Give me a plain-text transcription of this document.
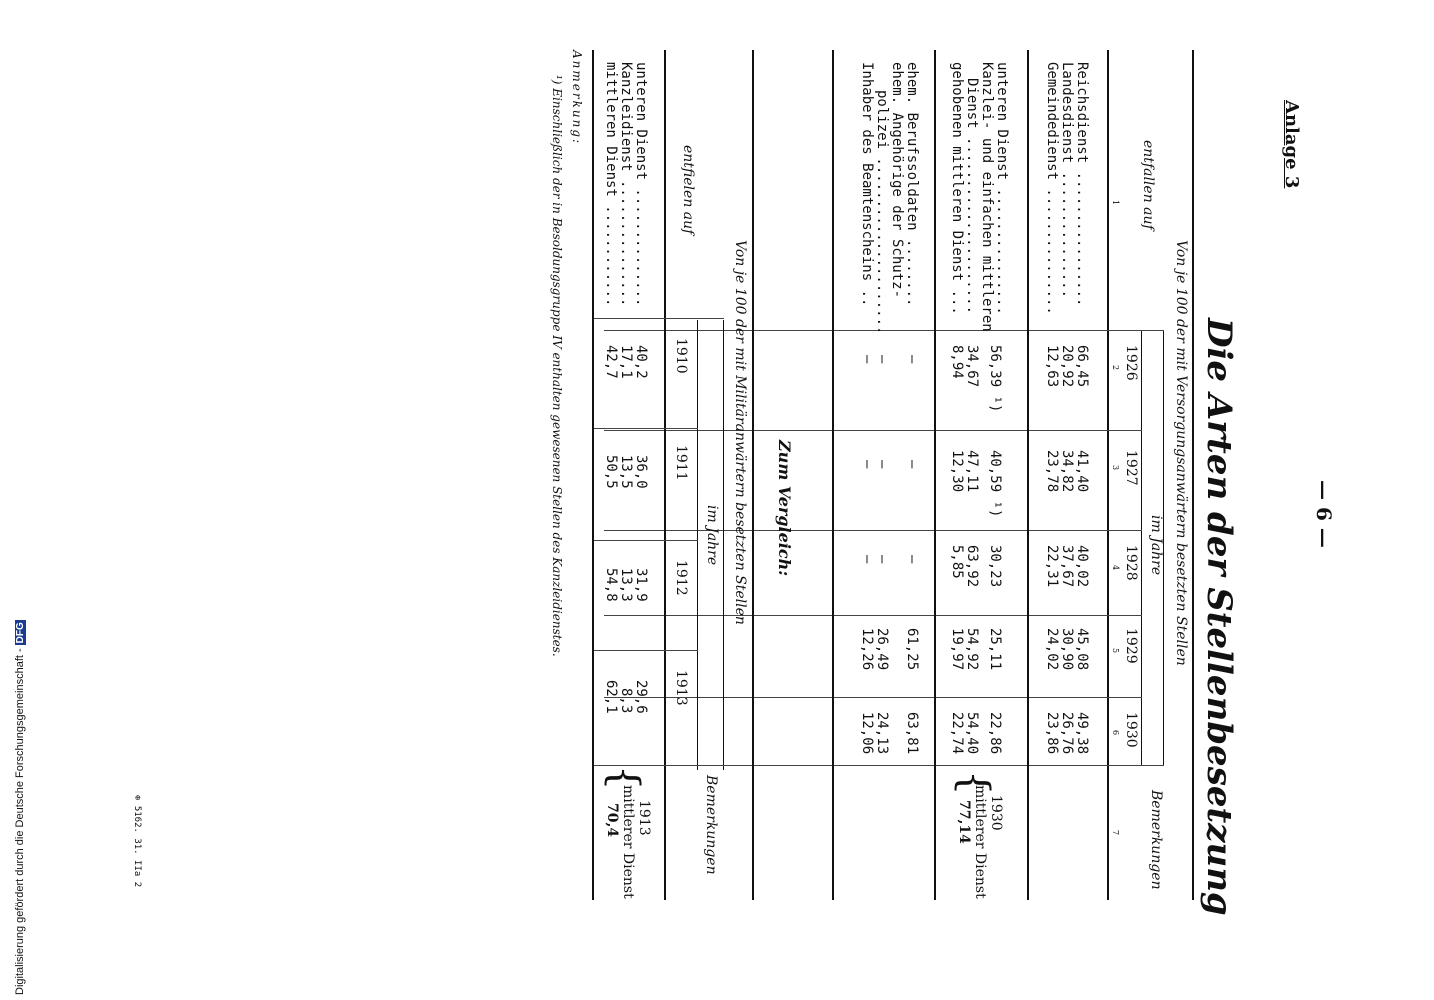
Anlage 3
— 6 —
Die Arten der Stellenbesetzung
Von je 100 der mit Versorgungsanwärtern besetzten Stellen
im Jahre
Bemerkungen
entfallen auf
1926
1927
1928
1929
1930
1
2
3
4
5
6
7
Reichsdienst ................
Landesdienst ...............
Gemeindedienst ...............
66,45
41,40
40,02
45,08
49,38
20,92
34,82
37,67
30,90
26,76
12,63
23,78
22,31
24,02
23,86
unteren Dienst ...............
Kanzlei- und einfachen mittleren
Dienst .....................
gehobenen mittleren Dienst ...
56,39 ¹)
40,59 ¹)
30,23
25,11
22,86
34,67
47,11
63,92
54,92
54,40
8,94
12,30
5,85
19,97
22,74
{
1930
mittlerer Dienst
77,14
ehem. Berufssoldaten ........
ehem. Angehörige der Schutz-
polizei .....................
Inhaber des Beamtenscheins ..
—
—
—
61,25
63,81
—
—
—
26,49
24,13
—
—
—
12,26
12,06
Zum Vergleich:
Von je 100 der mit Militäranwärtern besetzten Stellen
im Jahre
Bemerkungen
entfielen auf
1910
1911
1912
1913
unteren Dienst ..............
Kanzleidienst ...............
mittleren Dienst ............
40,2
36,0
31,9
29,6
17,1
13,5
13,3
8,3
42,7
50,5
54,8
62,1
{
1913
mittlerer Dienst
70,4
Anmerkung:
¹) Einschließlich der in Besoldungsgruppe IV enthalten gewesenen Stellen des Kanzleidienstes.
⊕ 5162. 31. IIa 2
Digitalisierung gefördert durch die Deutsche Forschungsgemeinschaft -DFG
